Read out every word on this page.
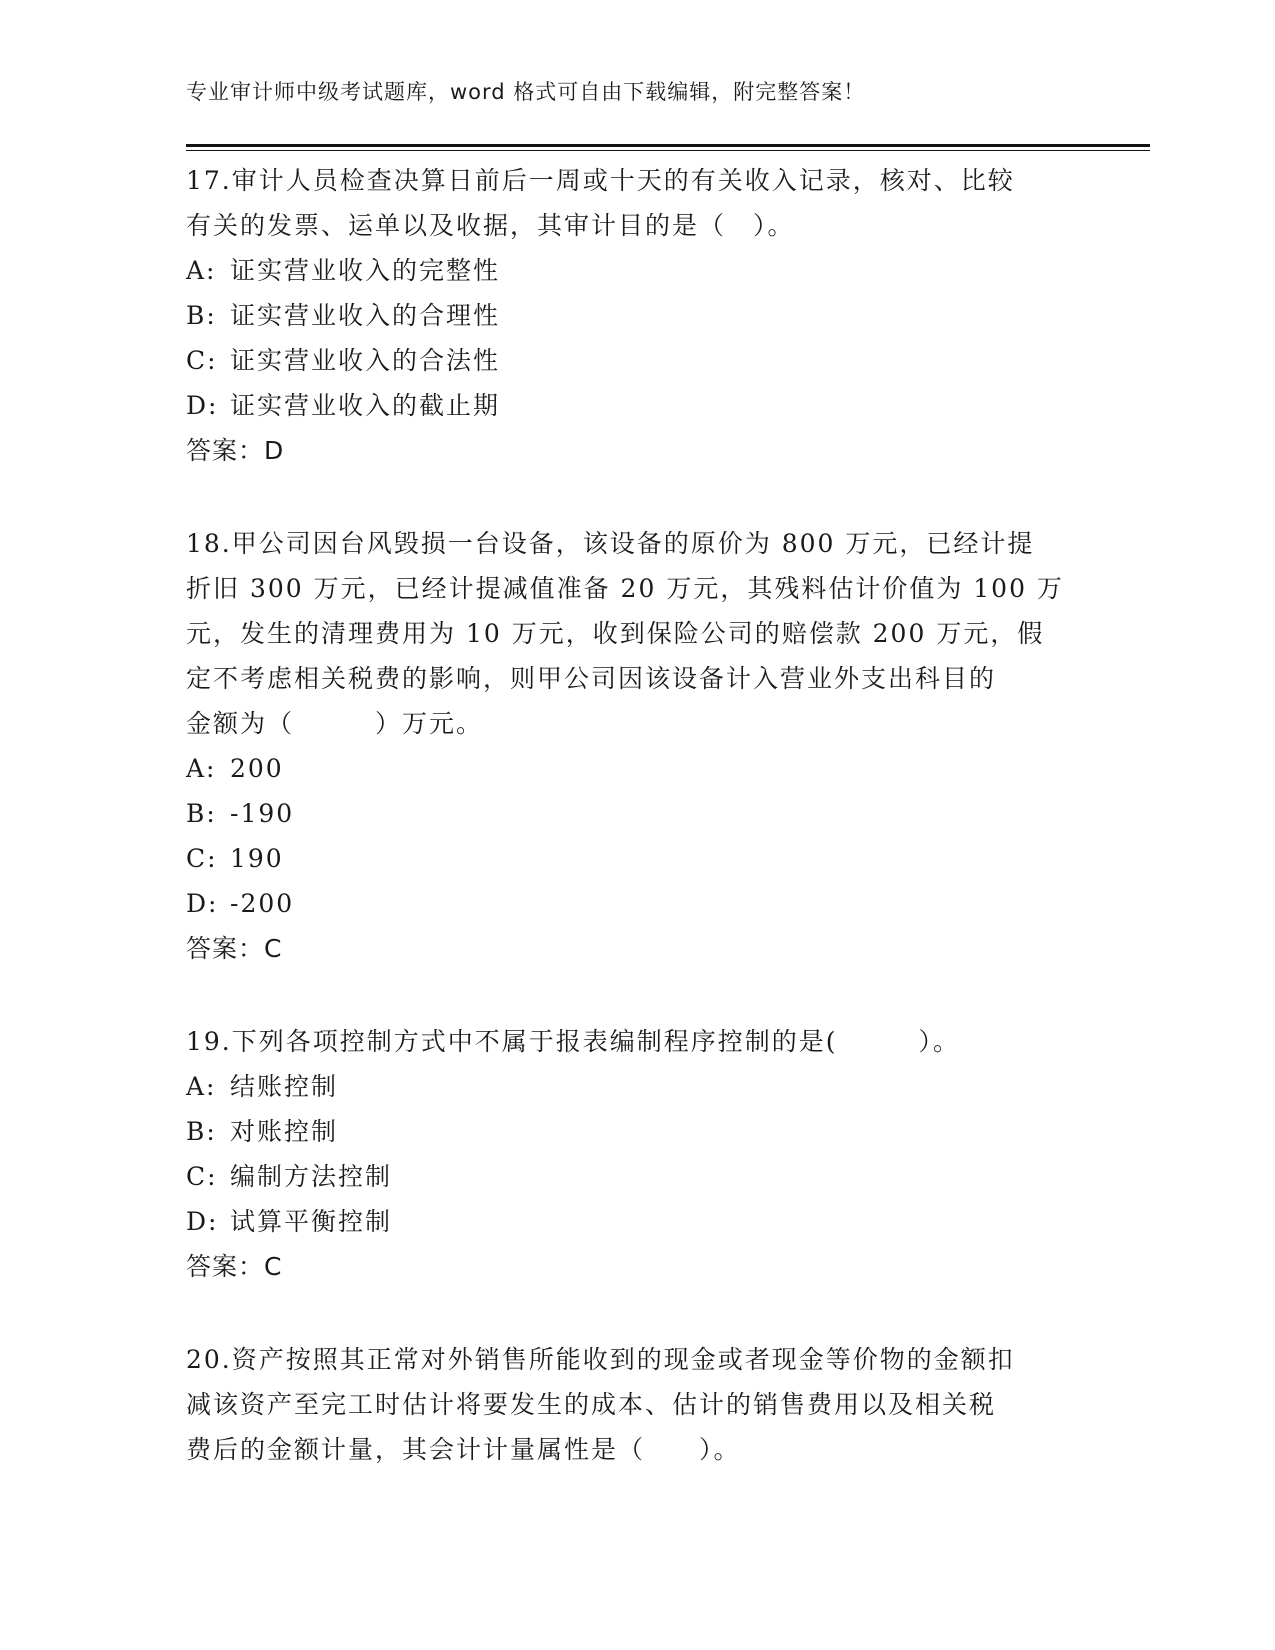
专业审计师中级考试题库，word 格式可自由下载编辑，附完整答案！
17.审计人员检查决算日前后一周或十天的有关收入记录，核对、比较
有关的发票、运单以及收据，其审计目的是（　）。
A: 证实营业收入的完整性
B: 证实营业收入的合理性
C: 证实营业收入的合法性
D: 证实营业收入的截止期
答案：D
18.甲公司因台风毁损一台设备，该设备的原价为 800 万元，已经计提
折旧 300 万元，已经计提减值准备 20 万元，其残料估计价值为 100 万
元，发生的清理费用为 10 万元，收到保险公司的赔偿款 200 万元，假
定不考虑相关税费的影响，则甲公司因该设备计入营业外支出科目的
金额为（　　　）万元。
A: 200
B: -190
C: 190
D: -200
答案：C
19.下列各项控制方式中不属于报表编制程序控制的是(　　　）。
A: 结账控制
B: 对账控制
C: 编制方法控制
D: 试算平衡控制
答案：C
20.资产按照其正常对外销售所能收到的现金或者现金等价物的金额扣
减该资产至完工时估计将要发生的成本、估计的销售费用以及相关税
费后的金额计量，其会计计量属性是（　　）。
